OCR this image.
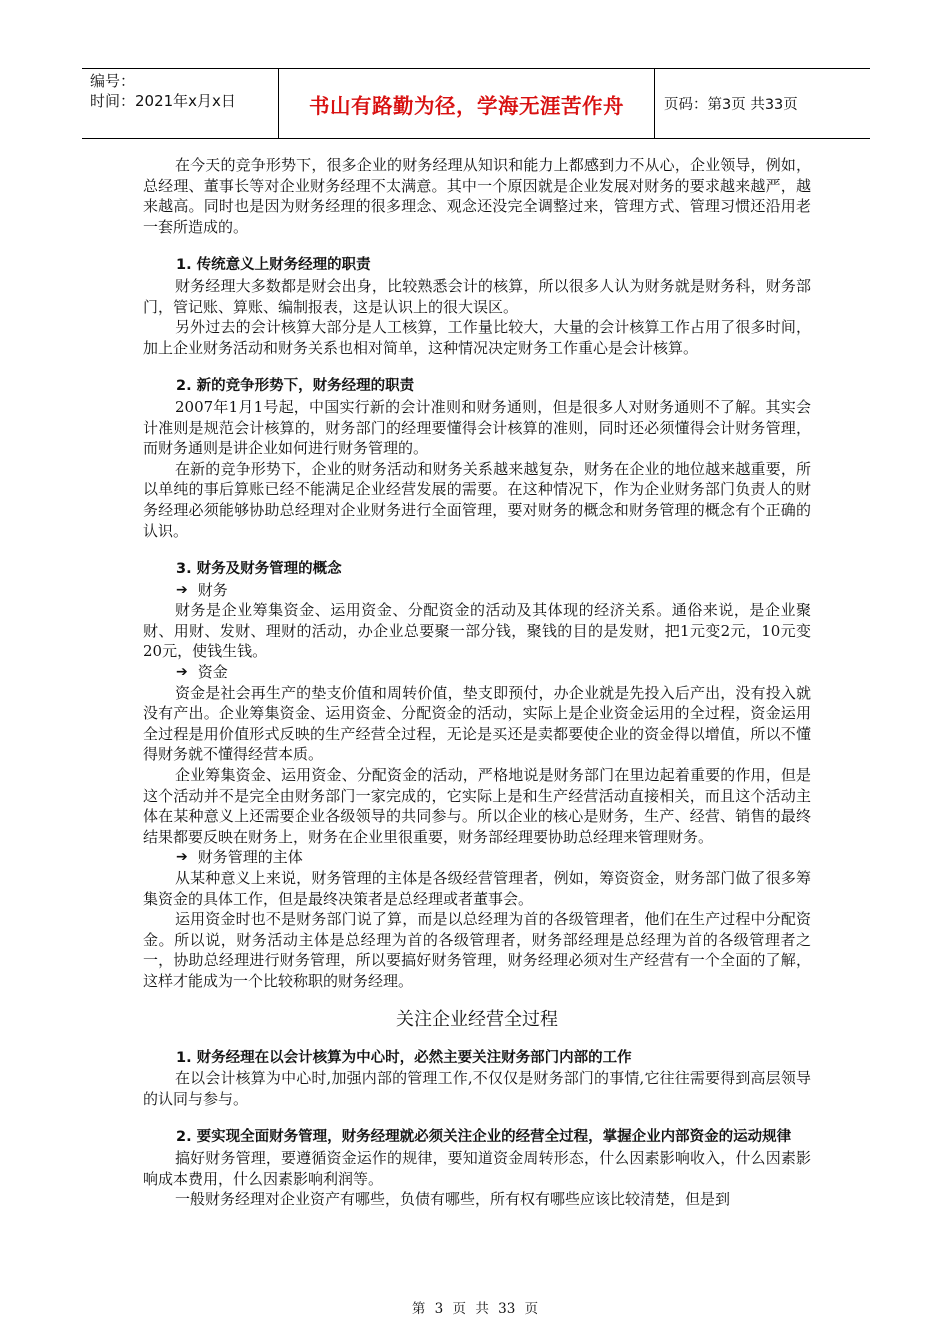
编号：
时间：2021年x月x日	书山有路勤为径，学海无涯苦作舟	页码：第3页 共33页

在今天的竞争形势下，很多企业的财务经理从知识和能力上都感到力不从心，企业领导，例如，总经理、董事长等对企业财务经理不太满意。其中一个原因就是企业发展对财务的要求越来越严，越来越高。同时也是因为财务经理的很多理念、观念还没完全调整过来，管理方式、管理习惯还沿用老一套所造成的。

1. 传统意义上财务经理的职责

财务经理大多数都是财会出身，比较熟悉会计的核算，所以很多人认为财务就是财务科，财务部门，管记账、算账、编制报表，这是认识上的很大误区。

另外过去的会计核算大部分是人工核算，工作量比较大，大量的会计核算工作占用了很多时间，加上企业财务活动和财务关系也相对简单，这种情况决定财务工作重心是会计核算。

2. 新的竞争形势下，财务经理的职责

2007年1月1号起，中国实行新的会计准则和财务通则，但是很多人对财务通则不了解。其实会计准则是规范会计核算的，财务部门的经理要懂得会计核算的准则，同时还必须懂得会计财务管理，而财务通则是讲企业如何进行财务管理的。

在新的竞争形势下，企业的财务活动和财务关系越来越复杂，财务在企业的地位越来越重要，所以单纯的事后算账已经不能满足企业经营发展的需要。在这种情况下，作为企业财务部门负责人的财务经理必须能够协助总经理对企业财务进行全面管理，要对财务的概念和财务管理的概念有个正确的认识。

3. 财务及财务管理的概念
➔ 财务

财务是企业筹集资金、运用资金、分配资金的活动及其体现的经济关系。通俗来说，是企业聚财、用财、发财、理财的活动，办企业总要聚一部分钱，聚钱的目的是发财，把1元变2元，10元变20元，使钱生钱。

➔ 资金

资金是社会再生产的垫支价值和周转价值，垫支即预付，办企业就是先投入后产出，没有投入就没有产出。企业筹集资金、运用资金、分配资金的活动，实际上是企业资金运用的全过程，资金运用全过程是用价值形式反映的生产经营全过程，无论是买还是卖都要使企业的资金得以增值，所以不懂得财务就不懂得经营本质。

企业筹集资金、运用资金、分配资金的活动，严格地说是财务部门在里边起着重要的作用，但是这个活动并不是完全由财务部门一家完成的，它实际上是和生产经营活动直接相关，而且这个活动主体在某种意义上还需要企业各级领导的共同参与。所以企业的核心是财务，生产、经营、销售的最终结果都要反映在财务上，财务在企业里很重要，财务部经理要协助总经理来管理财务。

➔ 财务管理的主体

从某种意义上来说，财务管理的主体是各级经营管理者，例如，筹资资金，财务部门做了很多筹集资金的具体工作，但是最终决策者是总经理或者董事会。

运用资金时也不是财务部门说了算，而是以总经理为首的各级管理者，他们在生产过程中分配资金。所以说，财务活动主体是总经理为首的各级管理者，财务部经理是总经理为首的各级管理者之一，协助总经理进行财务管理，所以要搞好财务管理，财务经理必须对生产经营有一个全面的了解，这样才能成为一个比较称职的财务经理。

关注企业经营全过程
1. 财务经理在以会计核算为中心时，必然主要关注财务部门内部的工作

在以会计核算为中心时,加强内部的管理工作,不仅仅是财务部门的事情,它往往需要得到高层领导的认同与参与。

2. 要实现全面财务管理，财务经理就必须关注企业的经营全过程，掌握企业内部资金的运动规律

搞好财务管理，要遵循资金运作的规律，要知道资金周转形态，什么因素影响收入，什么因素影响成本费用，什么因素影响利润等。

一般财务经理对企业资产有哪些，负债有哪些，所有权有哪些应该比较清楚，但是到

第 3 页 共 33 页
